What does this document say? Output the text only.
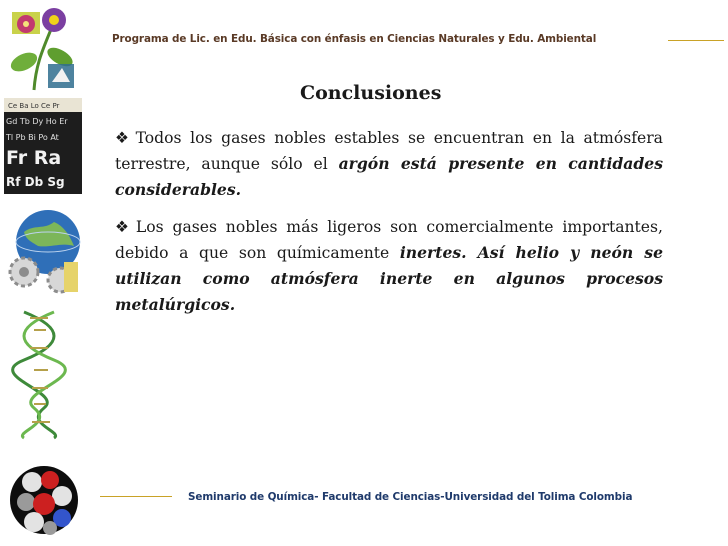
Ce Ba Lo Ce Pr
Gd Tb Dy Ho Er
Tl Pb Bi Po At
Fr Ra
Rf Db Sg
Programa de Lic. en Edu. Básica con énfasis en Ciencias Naturales y Edu. Ambiental
Conclusiones

❖ Todos los gases nobles estables se encuentran en la atmósfera terrestre, aunque sólo el argón está presente en cantidades considerables.

❖ Los gases nobles más ligeros son comercialmente importantes, debido a que son químicamente inertes. Así helio y neón se utilizan como atmósfera inerte en algunos procesos metalúrgicos.

Seminario de Química- Facultad de Ciencias-Universidad del Tolima Colombia
